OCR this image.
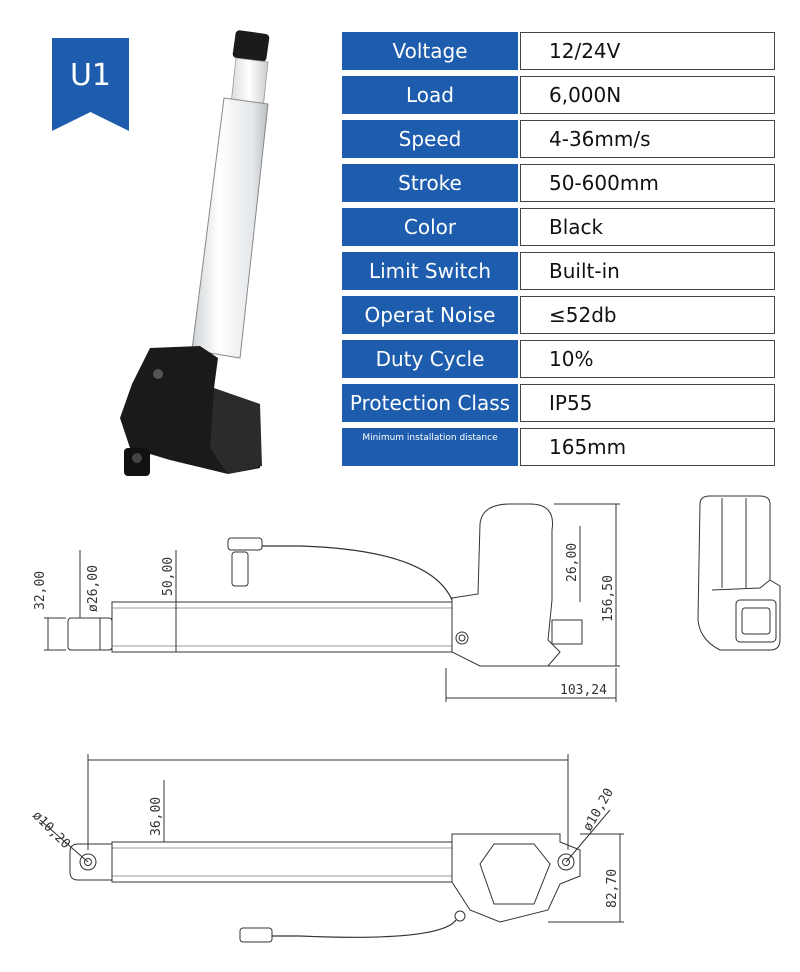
U1
Voltage	12/24V
Load	6,000N
Speed	4-36mm/s
Stroke	50-600mm
Color	Black
Limit Switch	Built-in
Operat Noise	≤52db
Duty Cycle	10%
Protection Class	IP55
Minimum installation distance	165mm
32,00	ø26,00	50,00	26,00
156,50
103,24
ø10,20	36,00	ø10,20
82,70
